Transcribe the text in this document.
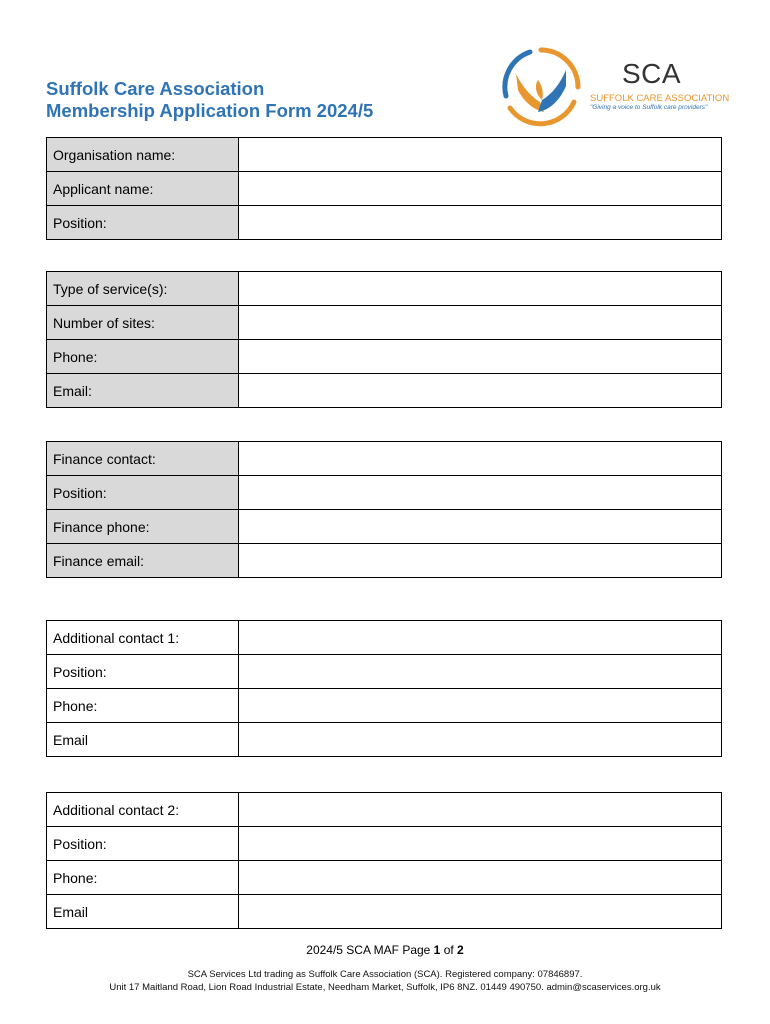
Suffolk Care Association
Membership Application Form 2024/5
SCA
SUFFOLK CARE ASSOCIATION
"Giving a voice to Suffolk care providers"
Organisation name:	
Applicant name:	
Position:	
Type of service(s):	
Number of sites:	
Phone:	
Email:	
Finance contact:	
Position:	
Finance phone:	
Finance email:	
Additional contact 1:	
Position:	
Phone:	
Email	
Additional contact 2:	
Position:	
Phone:	
Email	
2024/5 SCA MAF Page 1 of 2
SCA Services Ltd trading as Suffolk Care Association (SCA). Registered company: 07846897.
Unit 17 Maitland Road, Lion Road Industrial Estate, Needham Market, Suffolk, IP6 8NZ. 01449 490750. admin@scaservices.org.uk
